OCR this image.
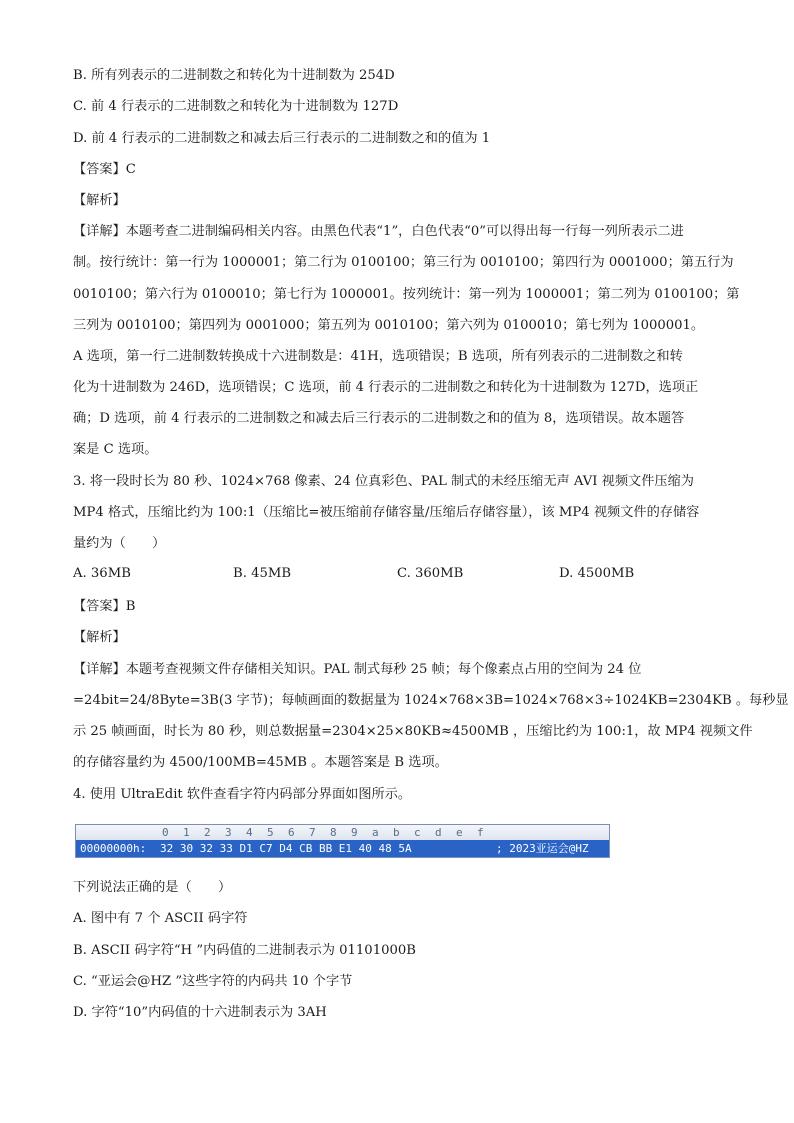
B. 所有列表示的二进制数之和转化为十进制数为 254D
C. 前 4 行表示的二进制数之和转化为十进制数为 127D
D. 前 4 行表示的二进制数之和减去后三行表示的二进制数之和的值为 1
【答案】C
【解析】
【详解】本题考查二进制编码相关内容。由黑色代表“1”，白色代表“0”可以得出每一行每一列所表示二进
制。按行统计：第一行为 1000001；第二行为 0100100；第三行为 0010100；第四行为 0001000；第五行为
0010100；第六行为 0100010；第七行为 1000001。按列统计：第一列为 1000001；第二列为 0100100；第
三列为 0010100；第四列为 0001000；第五列为 0010100；第六列为 0100010；第七列为 1000001。
A 选项，第一行二进制数转换成十六进制数是：41H，选项错误；B 选项，所有列表示的二进制数之和转
化为十进制数为 246D，选项错误；C 选项，前 4 行表示的二进制数之和转化为十进制数为 127D，选项正
确；D 选项，前 4 行表示的二进制数之和减去后三行表示的二进制数之和的值为 8，选项错误。故本题答
案是 C 选项。
3. 将一段时长为 80 秒、1024×768 像素、24 位真彩色、PAL 制式的未经压缩无声 AVI 视频文件压缩为
MP4 格式，压缩比约为 100:1（压缩比=被压缩前存储容量/压缩后存储容量），该 MP4 视频文件的存储容
量约为（　　）
A. 36MB	B. 45MB	C. 360MB	D. 4500MB
【答案】B
【解析】
【详解】本题考查视频文件存储相关知识。PAL 制式每秒 25 帧；每个像素点占用的空间为 24 位
=24bit=24/8Byte=3B(3 字节)；每帧画面的数据量为 1024×768×3B=1024×768×3÷1024KB=2304KB 。每秒显
示 25 帧画面，时长为 80 秒，则总数据量=2304×25×80KB≈4500MB ，压缩比约为 100:1，故 MP4 视频文件
的存储容量约为 4500/100MB=45MB 。本题答案是 B 选项。
4. 使用 UltraEdit 软件查看字符内码部分界面如图所示。
0 1 2 3 4 5 6 7 8 9 a b c d e f
00000000h: 32 30 32 33 D1 C7 D4 CB BB E1 40 48 5A	; 2023亚运会@HZ
下列说法正确的是（　　）
A. 图中有 7 个 ASCII 码字符
B. ASCII 码字符“H ”内码值的二进制表示为 01101000B
C. “亚运会@HZ ”这些字符的内码共 10 个字节
D. 字符“10”内码值的十六进制表示为 3AH
